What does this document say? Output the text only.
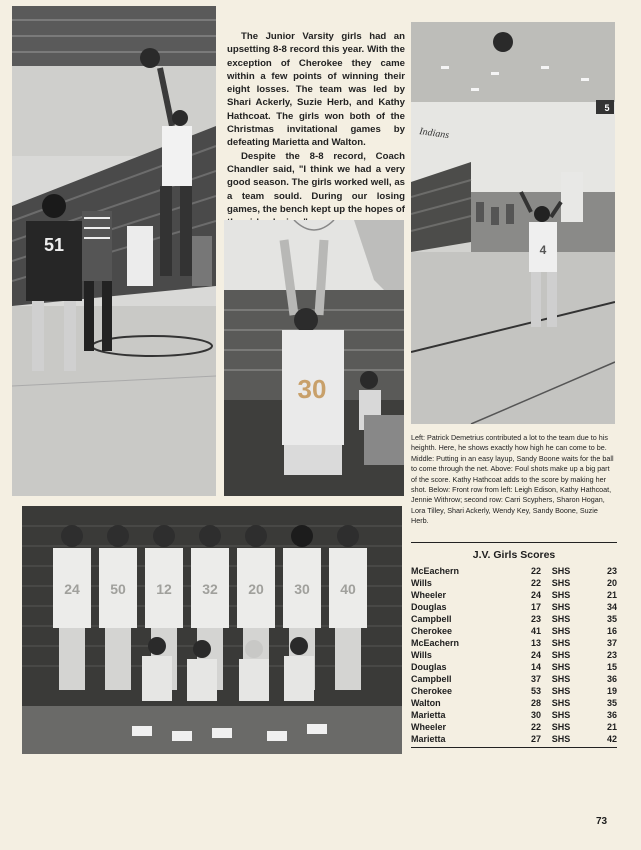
51

The Junior Varsity girls had an upsetting 8-8 record this year. With the exception of Cherokee they came within a few points of winning their eight losses. The team was led by Shari Ackerly, Suzie Herb, and Kathy Hathcoat. The girls won both of the Christmas invitational games by defeating Marietta and Walton.

Despite the 8-8 record, Coach Chandler said, "I think we had a very good season. The girls worked well, as a team sould. During our losing games, the bench kept up the hopes of

30
5
Indians
4
Left: Patrick Demetrius contributed a lot to the team due to his heighth. Here, he shows exactly how high he can come to be. Middle: Putting in an easy layup, Sandy Boone waits for the ball to come through the net. Above: Foul shots make up a big part of the score. Kathy Hathcoat adds to the score by making her shot. Below: Front row from left: Leigh Edison, Kathy Hathcoat, Jennie Withrow; second row: Carri Scyphers, Sharon Hogan, Lora Tilley, Shari Ackerly, Wendy Key, Sandy Boone, Suzie Herb.
24 50 12 32 20 30 40
J.V. Girls Scores
McEachern	22	SHS	23
Wills	22	SHS	20
Wheeler	24	SHS	21
Douglas	17	SHS	34
Campbell	23	SHS	35
Cherokee	41	SHS	16
McEachern	13	SHS	37
Wills	24	SHS	23
Douglas	14	SHS	15
Campbell	37	SHS	36
Cherokee	53	SHS	19
Walton	28	SHS	35
Marietta	30	SHS	36
Wheeler	22	SHS	21
Marietta	27	SHS	42
73
